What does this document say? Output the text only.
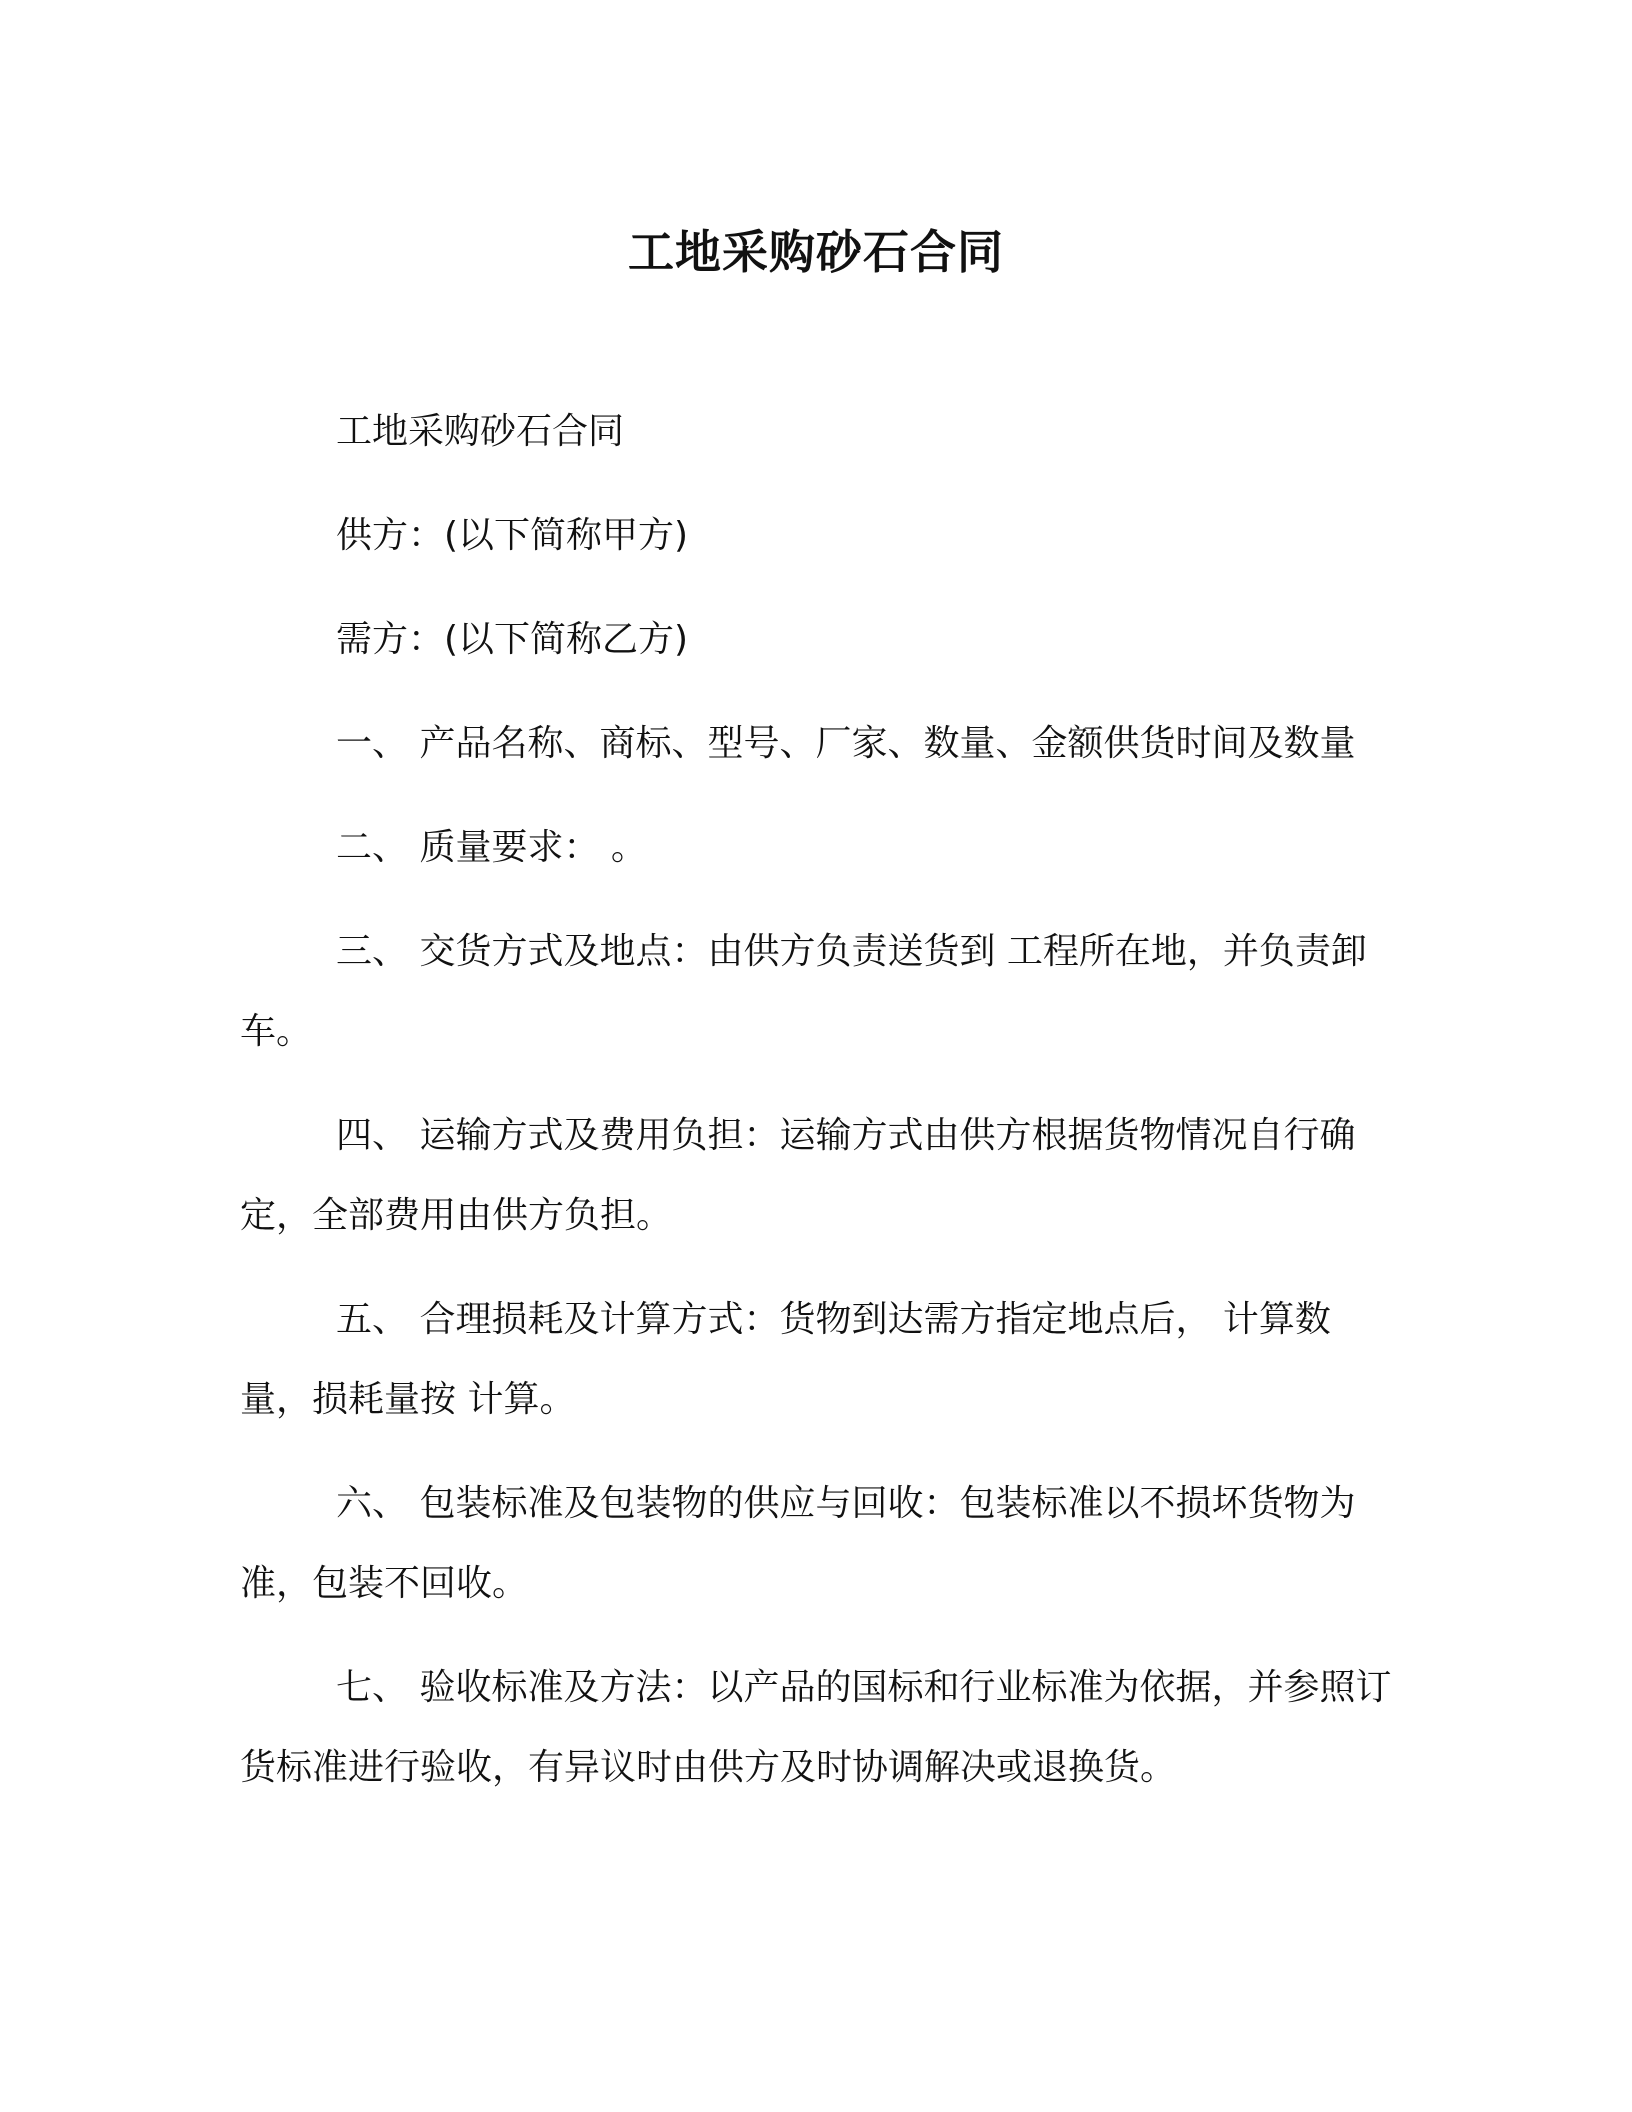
工地采购砂石合同

工地采购砂石合同

供方：(以下简称甲方)

需方：(以下简称乙方)

一、 产品名称、商标、型号、厂家、数量、金额供货时间及数量

二、 质量要求： 。

三、 交货方式及地点：由供方负责送货到 工程所在地，并负责卸车。

四、 运输方式及费用负担：运输方式由供方根据货物情况自行确定，全部费用由供方负担。

五、 合理损耗及计算方式：货物到达需方指定地点后， 计算数量，损耗量按 计算。

六、 包装标准及包装物的供应与回收：包装标准以不损坏货物为准，包装不回收。

七、 验收标准及方法：以产品的国标和行业标准为依据，并参照订货标准进行验收，有异议时由供方及时协调解决或退换货。
